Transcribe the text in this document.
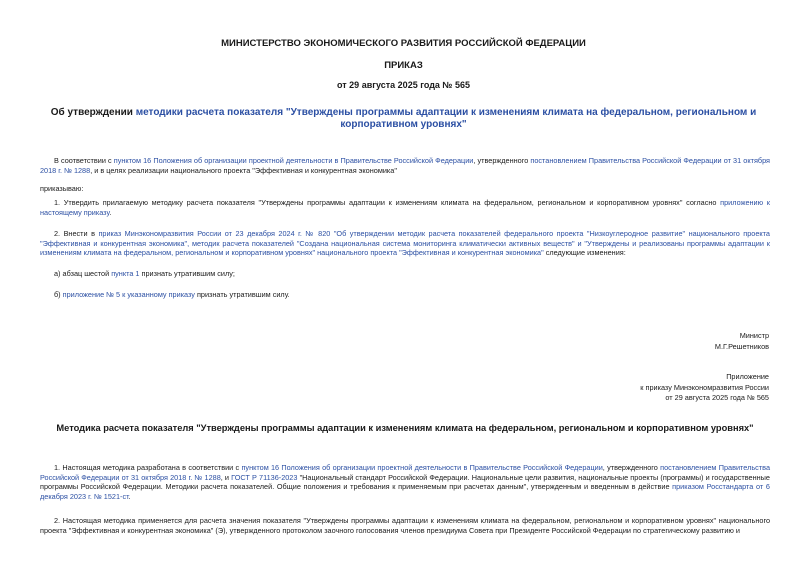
МИНИСТЕРСТВО ЭКОНОМИЧЕСКОГО РАЗВИТИЯ РОССИЙСКОЙ ФЕДЕРАЦИИ
ПРИКАЗ
от 29 августа 2025 года № 565
Об утверждении методики расчета показателя "Утверждены программы адаптации к изменениям климата на федеральном, региональном и корпоративном уровнях"
В соответствии с пунктом 16 Положения об организации проектной деятельности в Правительстве Российской Федерации, утвержденного постановлением Правительства Российской Федерации от 31 октября 2018 г. № 1288, и в целях реализации национального проекта "Эффективная и конкурентная экономика"
приказываю:
1. Утвердить прилагаемую методику расчета показателя "Утверждены программы адаптации к изменениям климата на федеральном, региональном и корпоративном уровнях" согласно приложению к настоящему приказу.
2. Внести в приказ Минэкономразвития России от 23 декабря 2024 г. № 820 "Об утверждении методик расчета показателей федерального проекта "Низкоуглеродное развитие" национального проекта "Эффективная и конкурентная экономика", методик расчета показателей "Создана национальная система мониторинга климатически активных веществ" и "Утверждены и реализованы программы адаптации к изменениям климата на федеральном, региональном и корпоративном уровнях" национального проекта "Эффективная и конкурентная экономика" следующие изменения:
а) абзац шестой пункта 1 признать утратившим силу;
б) приложение № 5 к указанному приказу признать утратившим силу.
Министр
М.Г.Решетников
Приложение
к приказу Минэкономразвития России
от 29 августа 2025 года № 565
Методика расчета показателя "Утверждены программы адаптации к изменениям климата на федеральном, региональном и корпоративном уровнях"
1. Настоящая методика разработана в соответствии с пунктом 16 Положения об организации проектной деятельности в Правительстве Российской Федерации, утвержденного постановлением Правительства Российской Федерации от 31 октября 2018 г. № 1288, и ГОСТ Р 71136-2023 "Национальный стандарт Российской Федерации. Национальные цели развития, национальные проекты (программы) и государственные программы Российской Федерации. Методики расчета показателей. Общие положения и требования к применяемым при расчетах данным", утвержденным и введенным в действие приказом Росстандарта от 6 декабря 2023 г. № 1521-ст.
2. Настоящая методика применяется для расчета значения показателя "Утверждены программы адаптации к изменениям климата на федеральном, региональном и корпоративном уровнях" национального проекта "Эффективная и конкурентная экономика" (Э), утвержденного протоколом заочного голосования членов президиума Совета при Президенте Российской Федерации по стратегическому развитию и
